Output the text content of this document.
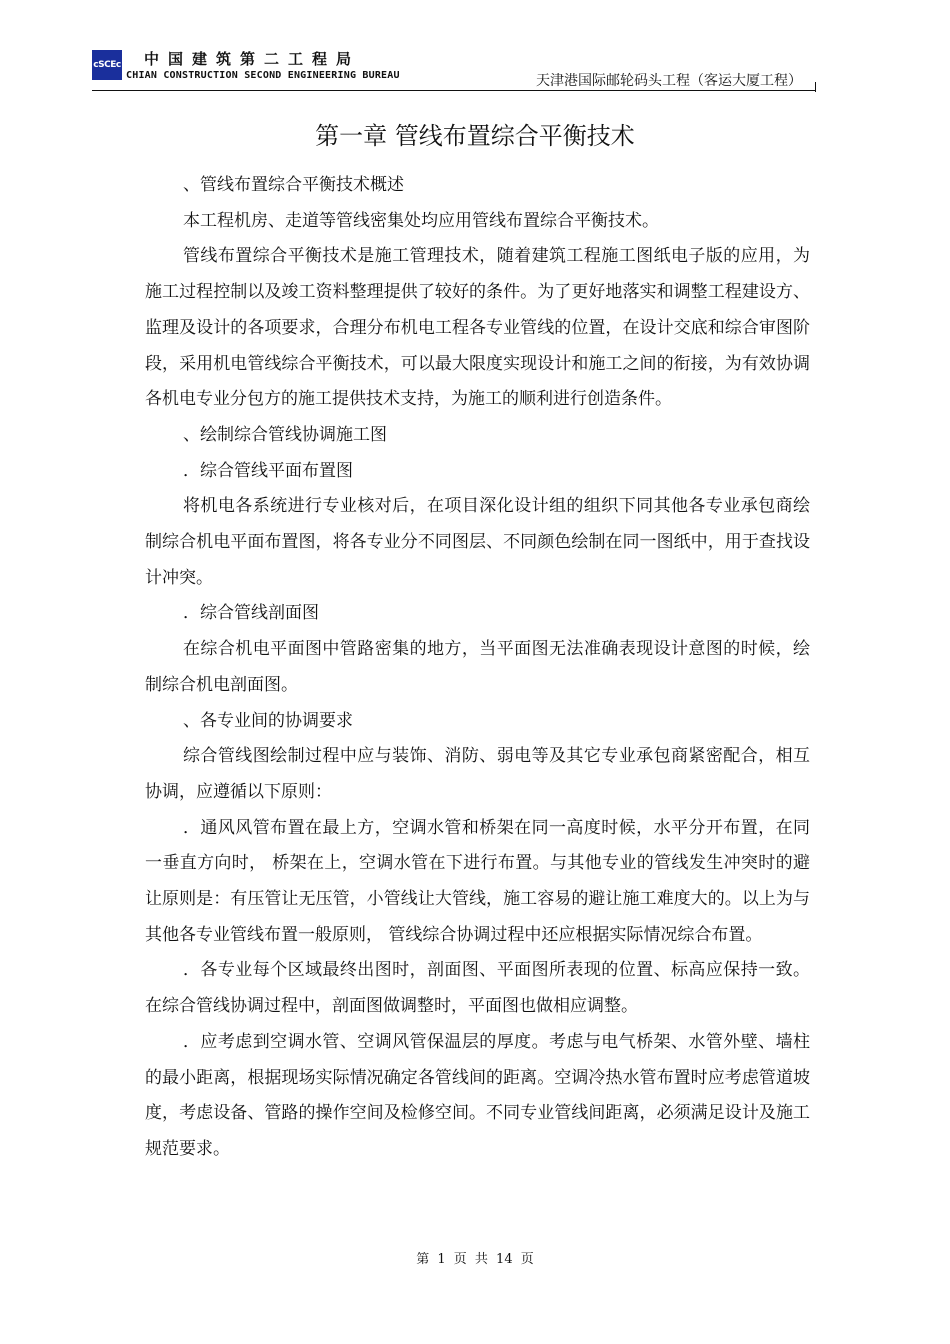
cSCEc 中国建筑第二工程局
CHIAN CONSTRUCTION SECOND ENGINEERING BUREAU	天津港国际邮轮码头工程（客运大厦工程）
第一章 管线布置综合平衡技术

、管线布置综合平衡技术概述

本工程机房、走道等管线密集处均应用管线布置综合平衡技术。

管线布置综合平衡技术是施工管理技术，随着建筑工程施工图纸电子版的应用，为施工过程控制以及竣工资料整理提供了较好的条件。为了更好地落实和调整工程建设方、监理及设计的各项要求，合理分布机电工程各专业管线的位置，在设计交底和综合审图阶段，采用机电管线综合平衡技术，可以最大限度实现设计和施工之间的衔接，为有效协调各机电专业分包方的施工提供技术支持，为施工的顺利进行创造条件。

、绘制综合管线协调施工图

．综合管线平面布置图

将机电各系统进行专业核对后，在项目深化设计组的组织下同其他各专业承包商绘制综合机电平面布置图，将各专业分不同图层、不同颜色绘制在同一图纸中，用于查找设计冲突。

．综合管线剖面图

在综合机电平面图中管路密集的地方，当平面图无法准确表现设计意图的时候，绘制综合机电剖面图。

、各专业间的协调要求

综合管线图绘制过程中应与装饰、消防、弱电等及其它专业承包商紧密配合，相互协调，应遵循以下原则：

．通风风管布置在最上方，空调水管和桥架在同一高度时候，水平分开布置，在同一垂直方向时， 桥架在上，空调水管在下进行布置。与其他专业的管线发生冲突时的避让原则是：有压管让无压管，小管线让大管线，施工容易的避让施工难度大的。以上为与其他各专业管线布置一般原则， 管线综合协调过程中还应根据实际情况综合布置。

．各专业每个区域最终出图时，剖面图、平面图所表现的位置、标高应保持一致。在综合管线协调过程中，剖面图做调整时，平面图也做相应调整。

．应考虑到空调水管、空调风管保温层的厚度。考虑与电气桥架、水管外壁、墙柱的最小距离，根据现场实际情况确定各管线间的距离。空调冷热水管布置时应考虑管道坡度，考虑设备、管路的操作空间及检修空间。不同专业管线间距离，必须满足设计及施工规范要求。

第 1 页 共 14 页
